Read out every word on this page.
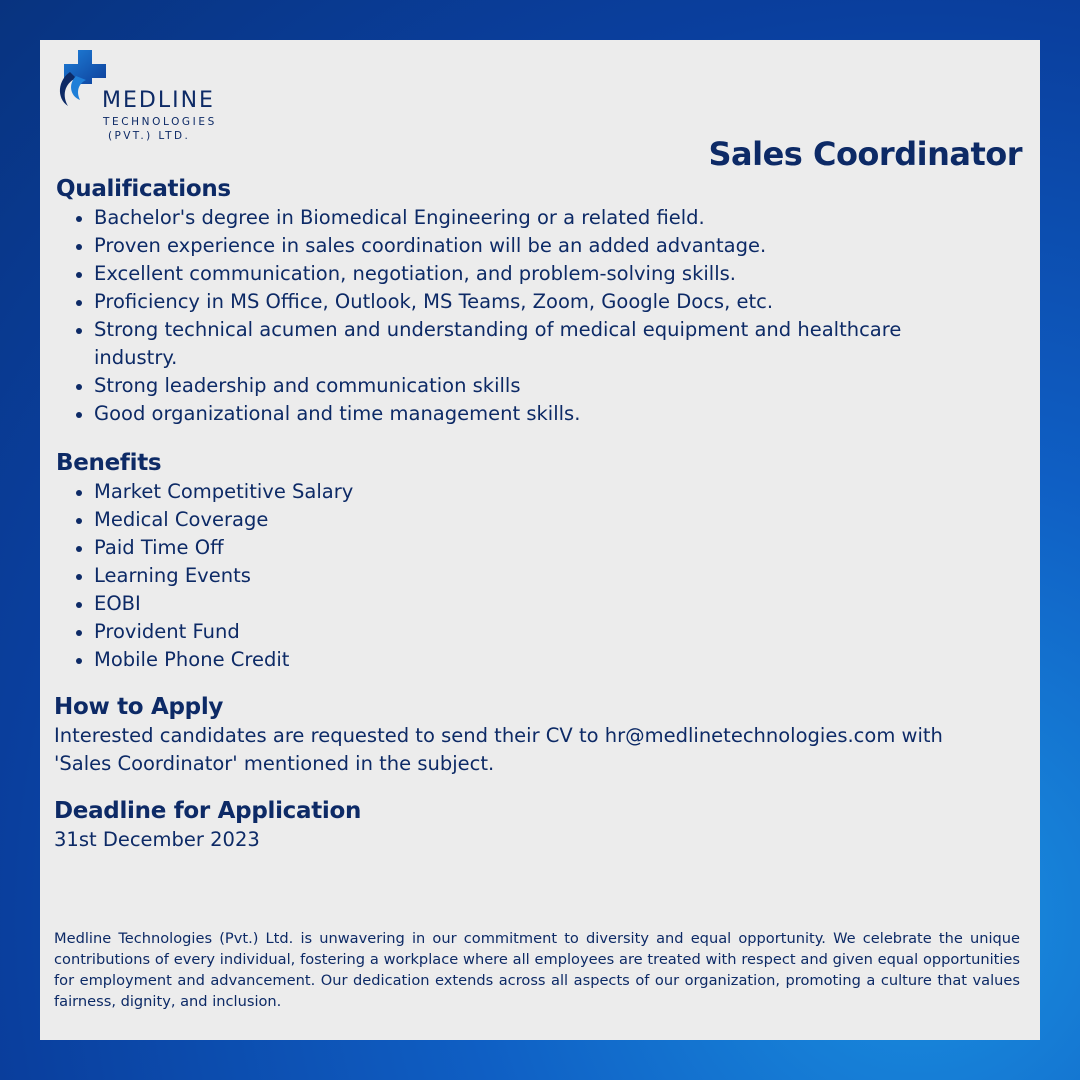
MEDLINE
TECHNOLOGIES
(PVT.) LTD.	Sales Coordinator
Qualifications
Bachelor's degree in Biomedical Engineering or a related field.
Proven experience in sales coordination will be an added advantage.
Excellent communication, negotiation, and problem-solving skills.
Proficiency in MS Office, Outlook, MS Teams, Zoom, Google Docs, etc.
Strong technical acumen and understanding of medical equipment and healthcare industry.
Strong leadership and communication skills
Good organizational and time management skills.
Benefits
Market Competitive Salary
Medical Coverage
Paid Time Off
Learning Events
EOBI
Provident Fund
Mobile Phone Credit
How to Apply

Interested candidates are requested to send their CV to hr@medlinetechnologies.com with 'Sales Coordinator' mentioned in the subject.

Deadline for Application

31st December 2023

Medline Technologies (Pvt.) Ltd. is unwavering in our commitment to diversity and equal opportunity. We celebrate the unique contributions of every individual, fostering a workplace where all employees are treated with respect and given equal opportunities for employment and advancement. Our dedication extends across all aspects of our organization, promoting a culture that values fairness, dignity, and inclusion.
